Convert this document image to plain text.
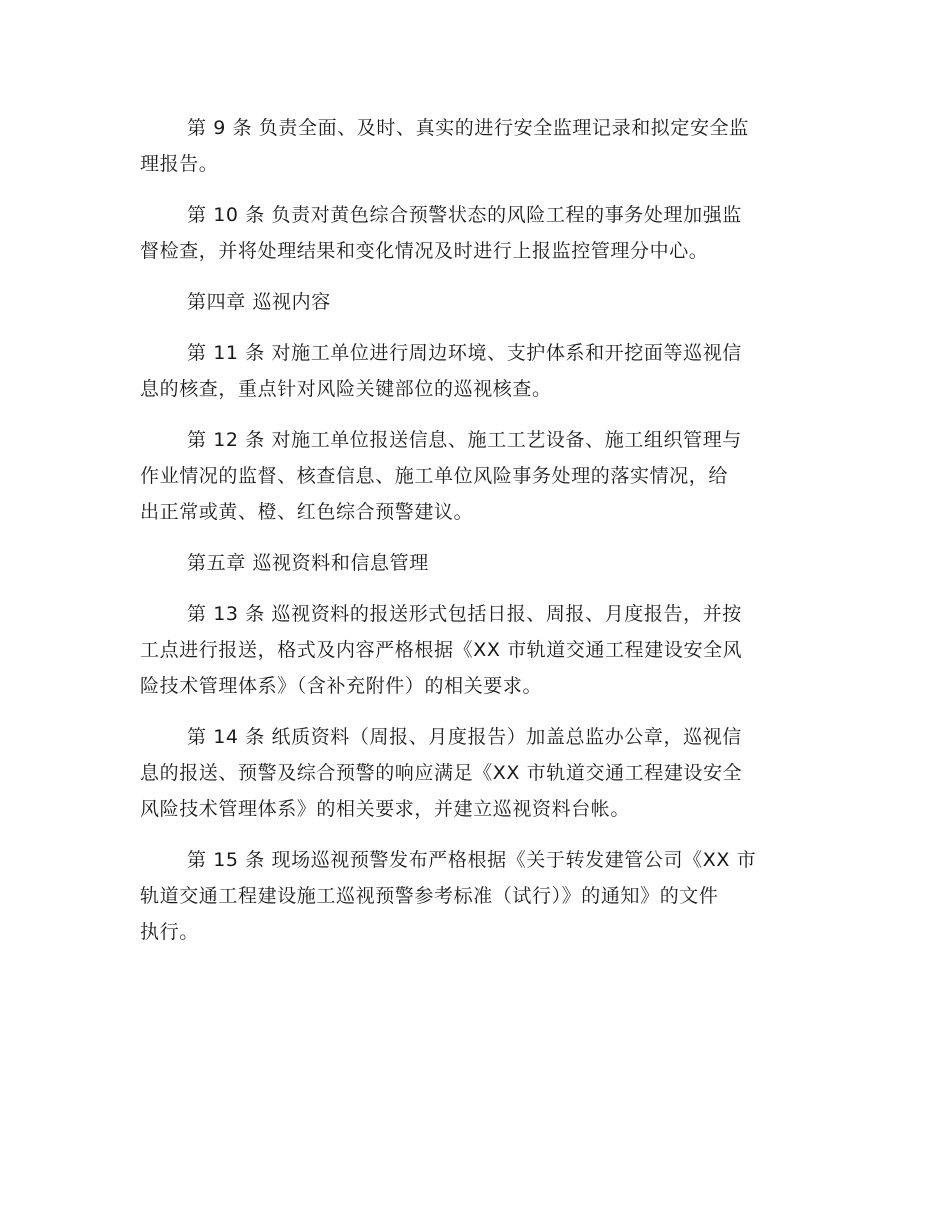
第 9 条 负责全面、及时、真实的进行安全监理记录和拟定安全监
理报告。

第 10 条 负责对黄色综合预警状态的风险工程的事务处理加强监
督检查，并将处理结果和变化情况及时进行上报监控管理分中心。

第四章 巡视内容

第 11 条 对施工单位进行周边环境、支护体系和开挖面等巡视信
息的核查，重点针对风险关键部位的巡视核查。

第 12 条 对施工单位报送信息、施工工艺设备、施工组织管理与
作业情况的监督、核查信息、施工单位风险事务处理的落实情况，给
出正常或黄、橙、红色综合预警建议。

第五章 巡视资料和信息管理

第 13 条 巡视资料的报送形式包括日报、周报、月度报告，并按
工点进行报送，格式及内容严格根据《XX 市轨道交通工程建设安全风
险技术管理体系》（含补充附件）的相关要求。

第 14 条 纸质资料（周报、月度报告）加盖总监办公章，巡视信
息的报送、预警及综合预警的响应满足《XX 市轨道交通工程建设安全
风险技术管理体系》的相关要求，并建立巡视资料台帐。

第 15 条 现场巡视预警发布严格根据《关于转发建管公司《XX 市
轨道交通工程建设施工巡视预警参考标准（试行）》的通知》的文件
执行。
